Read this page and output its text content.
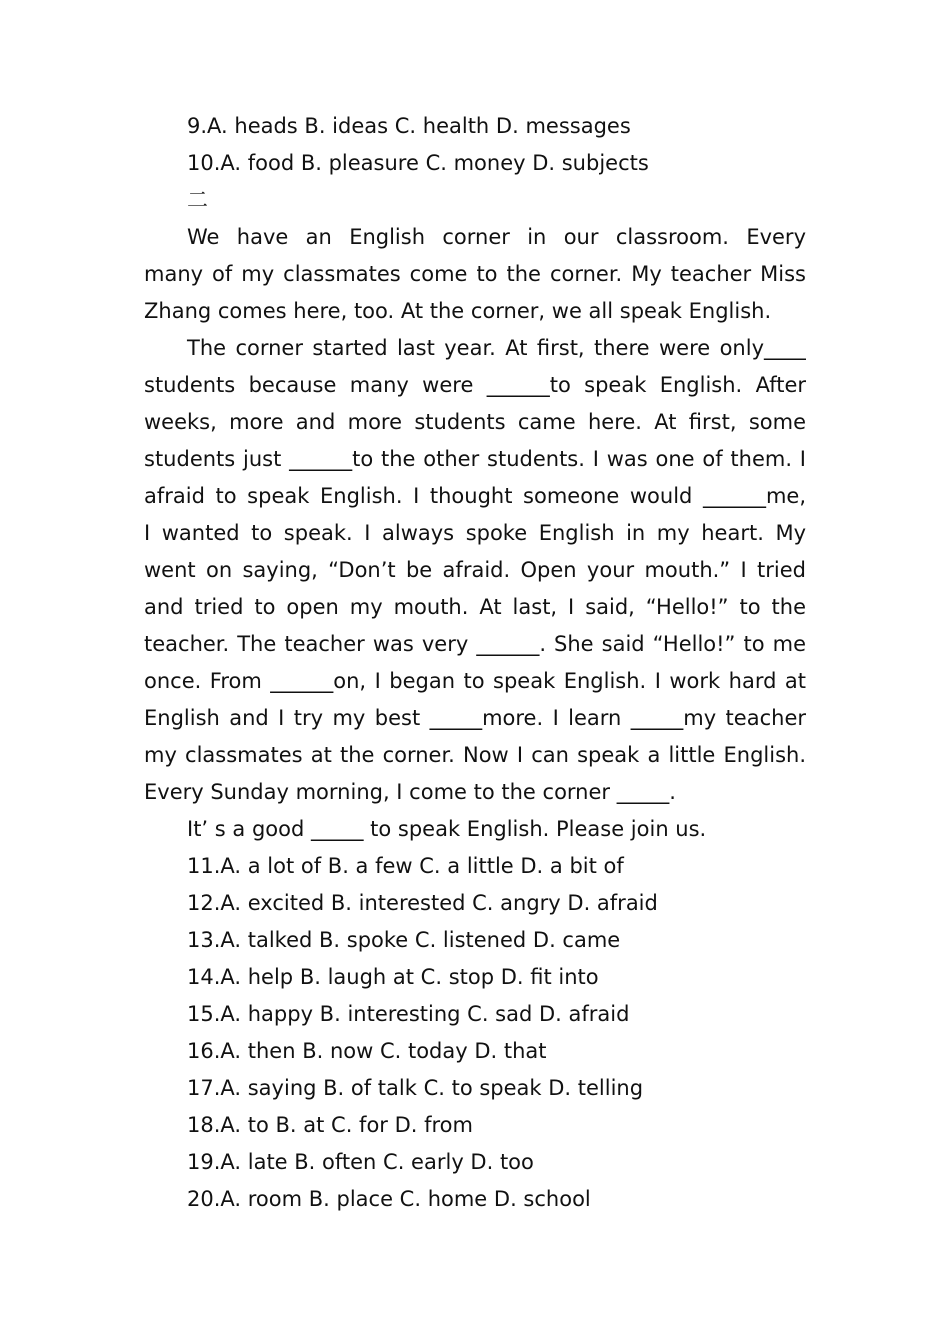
9.A. heads B. ideas C. health D. messages
10.A. food B. pleasure C. money D. subjects
二
We have an English corner in our classroom. Every
many of my classmates come to the corner. My teacher Miss
Zhang comes here, too. At the corner, we all speak English.
The corner started last year. At first, there were only____
students because many were ______to speak English. After
weeks, more and more students came here. At first, some
students just ______to the other students. I was one of them. I
afraid to speak English. I thought someone would ______me,
I wanted to speak. I always spoke English in my heart. My
went on saying, “Don’t be afraid. Open your mouth.” I tried
and tried to open my mouth. At last, I said, “Hello!” to the
teacher. The teacher was very ______. She said “Hello!” to me
once. From ______on, I began to speak English. I work hard at
English and I try my best _____more. I learn _____my teacher
my classmates at the corner. Now I can speak a little English.
Every Sunday morning, I come to the corner _____.
It’ s a good _____ to speak English. Please join us.
11.A. a lot of B. a few C. a little D. a bit of
12.A. excited B. interested C. angry D. afraid
13.A. talked B. spoke C. listened D. came
14.A. help B. laugh at C. stop D. fit into
15.A. happy B. interesting C. sad D. afraid
16.A. then B. now C. today D. that
17.A. saying B. of talk C. to speak D. telling
18.A. to B. at C. for D. from
19.A. late B. often C. early D. too
20.A. room B. place C. home D. school
